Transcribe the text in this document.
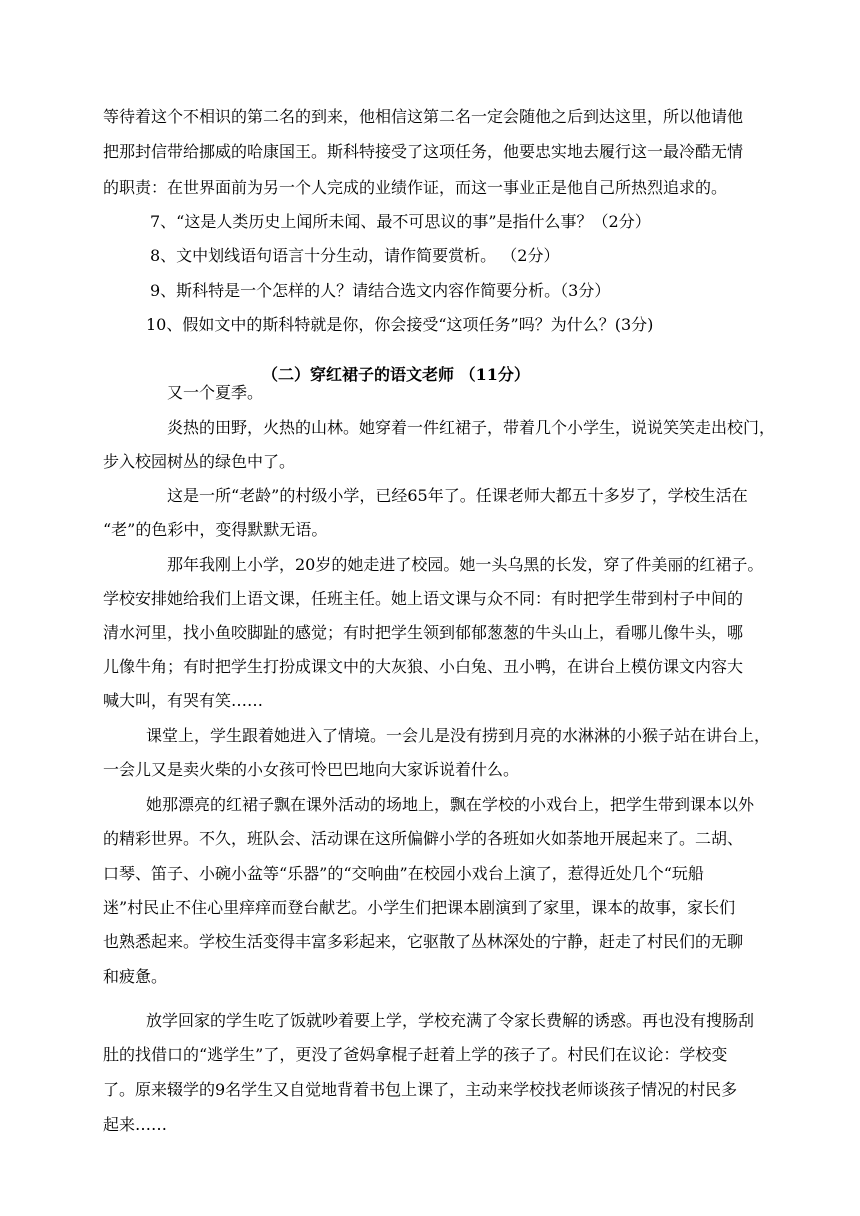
等待着这个不相识的第二名的到来，他相信这第二名一定会随他之后到达这里，所以他请他

把那封信带给挪威的哈康国王。斯科特接受了这项任务，他要忠实地去履行这一最冷酷无情

的职责：在世界面前为另一个人完成的业绩作证，而这一事业正是他自己所热烈追求的。

7、“这是人类历史上闻所未闻、最不可思议的事”是指什么事？（2分）

8、文中划线语句语言十分生动，请作简要赏析。 （2分）

9、斯科特是一个怎样的人？请结合选文内容作简要分析。（3分）

10、假如文中的斯科特就是你，你会接受“这项任务”吗？为什么？(3分)

（二）穿红裙子的语文老师 （11分）

又一个夏季。

炎热的田野，火热的山林。她穿着一件红裙子，带着几个小学生，说说笑笑走出校门，

步入校园树丛的绿色中了。

这是一所“老龄”的村级小学，已经65年了。任课老师大都五十多岁了，学校生活在

“老”的色彩中，变得默默无语。

那年我刚上小学，20岁的她走进了校园。她一头乌黑的长发，穿了件美丽的红裙子。

学校安排她给我们上语文课，任班主任。她上语文课与众不同：有时把学生带到村子中间的

清水河里，找小鱼咬脚趾的感觉；有时把学生领到郁郁葱葱的牛头山上，看哪儿像牛头，哪

儿像牛角；有时把学生打扮成课文中的大灰狼、小白兔、丑小鸭，在讲台上模仿课文内容大

喊大叫，有哭有笑……

课堂上，学生跟着她进入了情境。一会儿是没有捞到月亮的水淋淋的小猴子站在讲台上，

一会儿又是卖火柴的小女孩可怜巴巴地向大家诉说着什么。

她那漂亮的红裙子飘在课外活动的场地上，飘在学校的小戏台上，把学生带到课本以外

的精彩世界。不久，班队会、活动课在这所偏僻小学的各班如火如荼地开展起来了。二胡、

口琴、笛子、小碗小盆等“乐器”的“交响曲”在校园小戏台上演了，惹得近处几个“玩船

迷”村民止不住心里痒痒而登台献艺。小学生们把课本剧演到了家里，课本的故事，家长们

也熟悉起来。学校生活变得丰富多彩起来，它驱散了丛林深处的宁静，赶走了村民们的无聊

和疲惫。

放学回家的学生吃了饭就吵着要上学，学校充满了令家长费解的诱惑。再也没有搜肠刮

肚的找借口的“逃学生”了，更没了爸妈拿棍子赶着上学的孩子了。村民们在议论：学校变

了。原来辍学的9名学生又自觉地背着书包上课了，主动来学校找老师谈孩子情况的村民多

起来……
